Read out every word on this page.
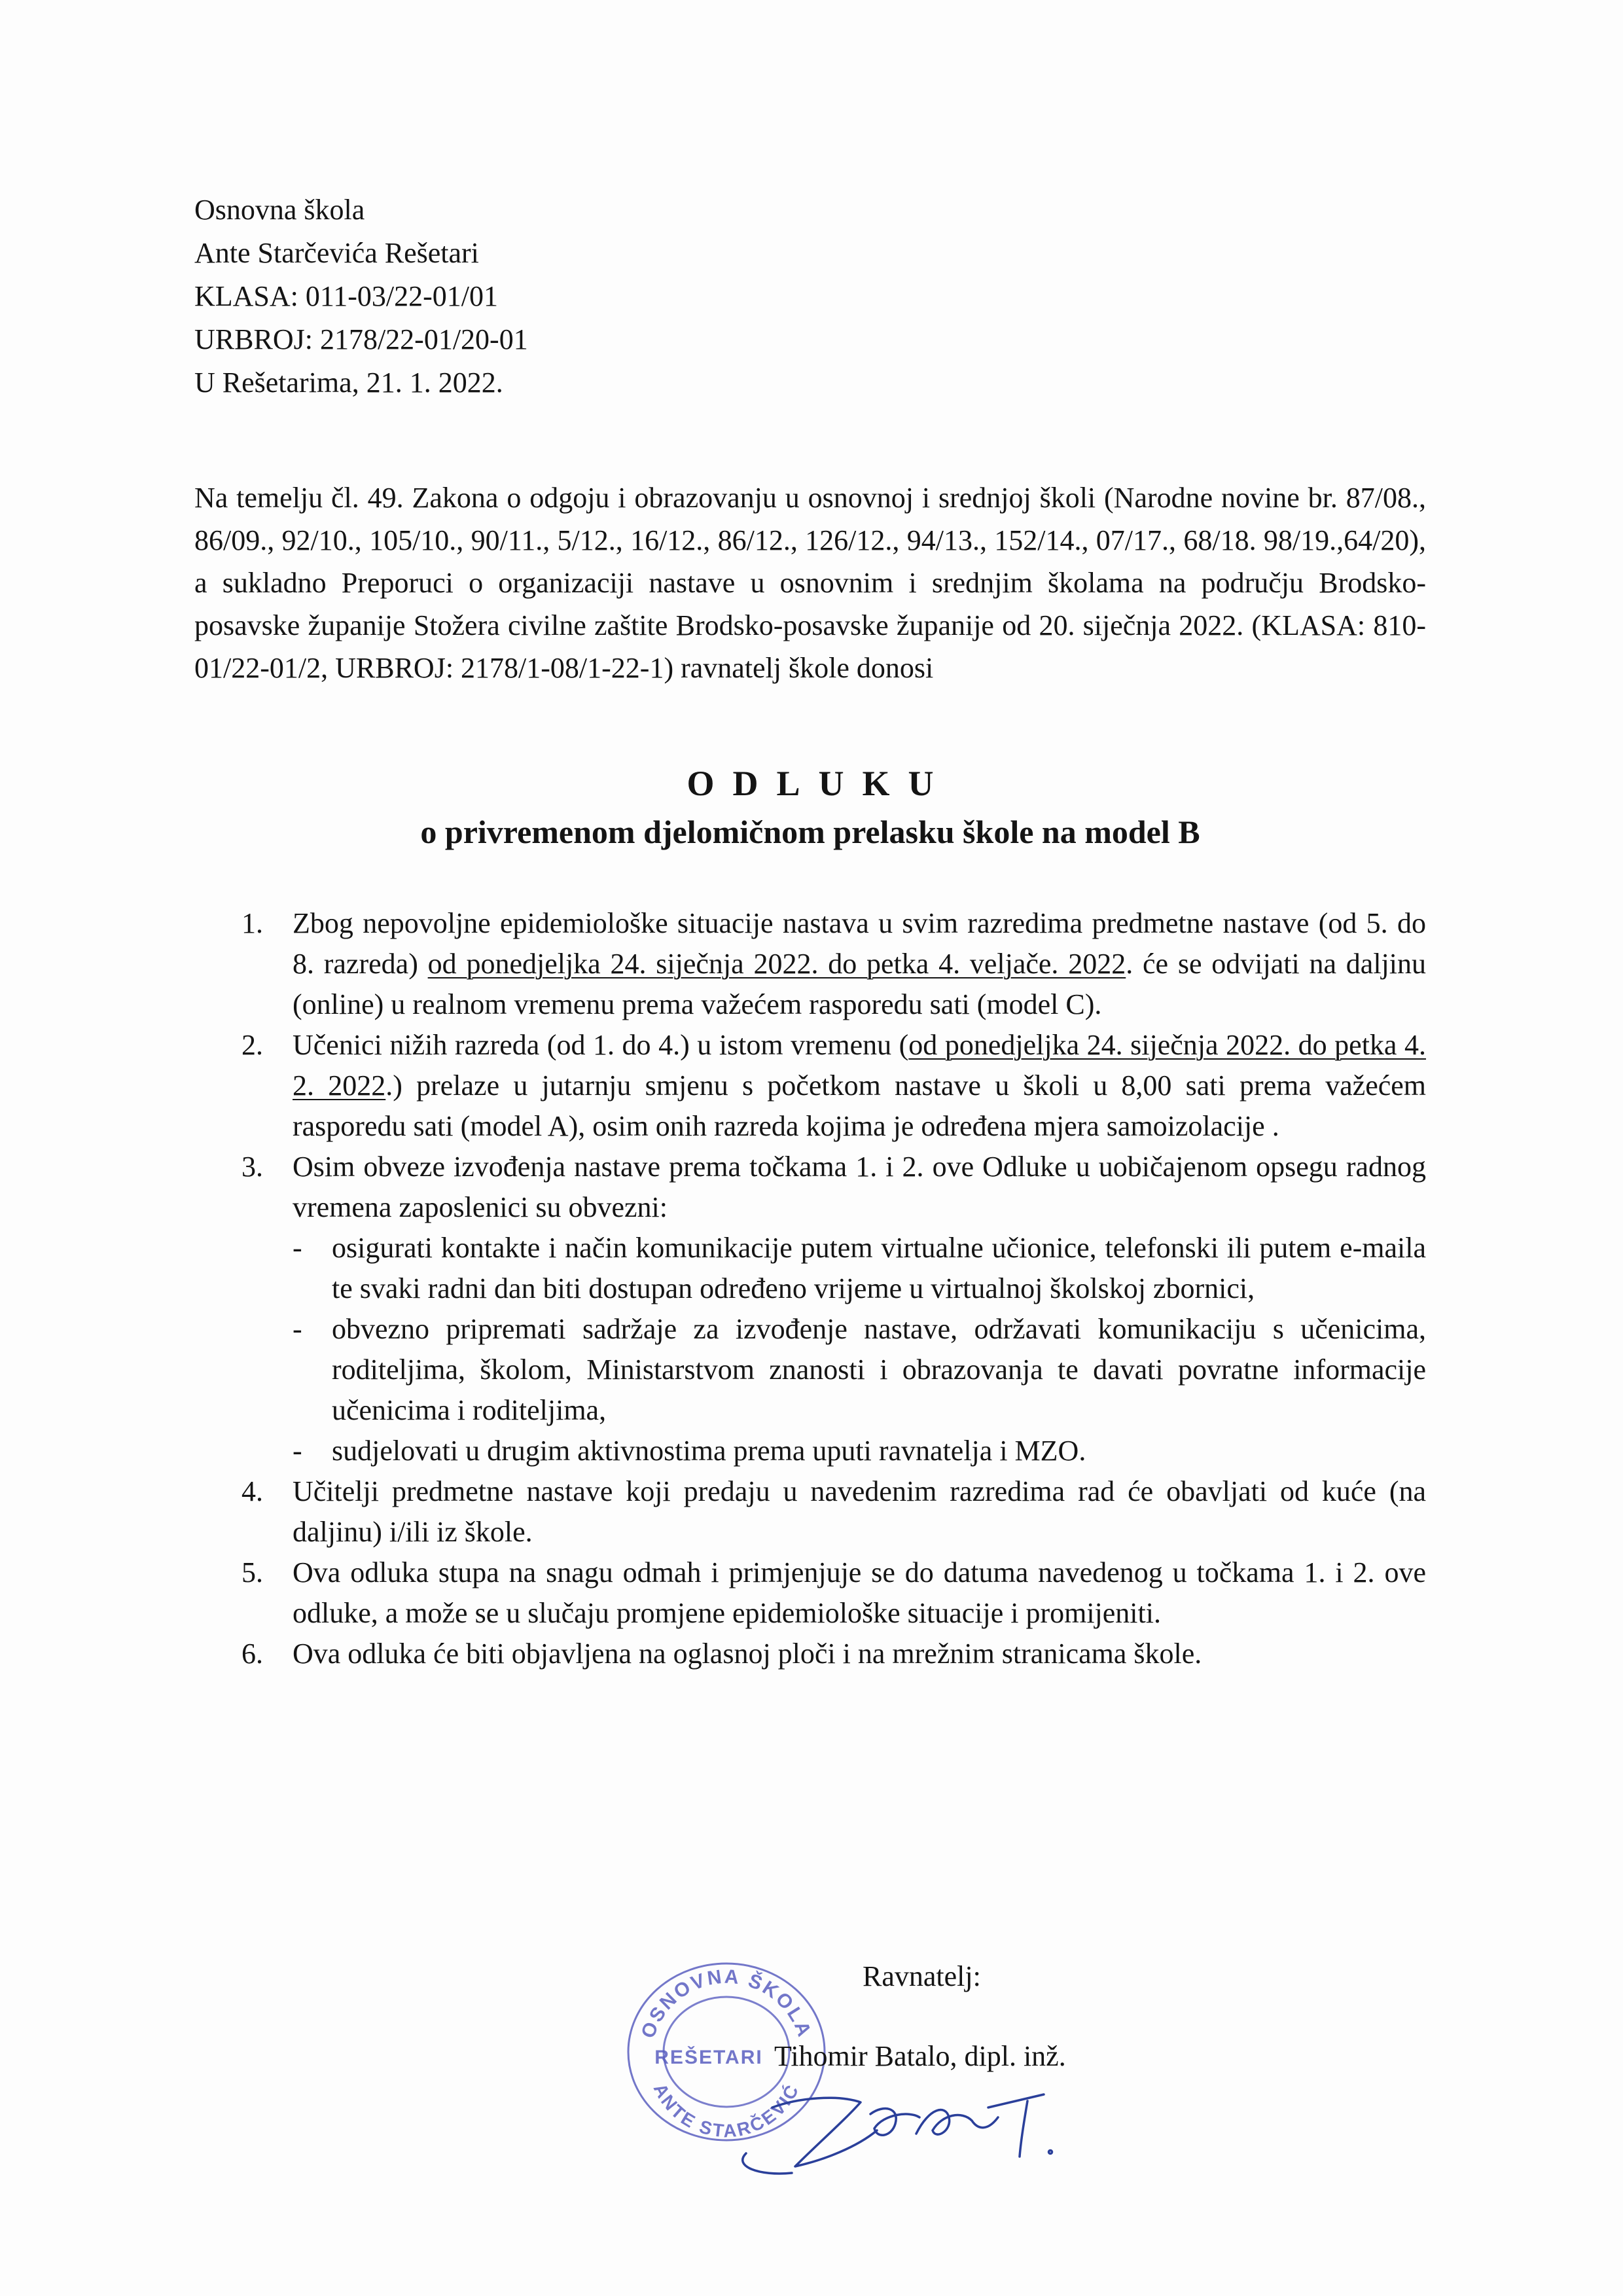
Osnovna škola
Ante Starčevića Rešetari
KLASA: 011-03/22-01/01
URBROJ: 2178/22-01/20-01
U Rešetarima, 21. 1. 2022.

Na temelju čl. 49. Zakona o odgoju i obrazovanju u osnovnoj i srednjoj školi (Narodne novine br. 87/08., 86/09., 92/10., 105/10., 90/11., 5/12., 16/12., 86/12., 126/12., 94/13., 152/14., 07/17., 68/18. 98/19.,64/20), a sukladno Preporuci o organizaciji nastave u osnovnim i srednjim školama na području Brodsko-posavske županije Stožera civilne zaštite Brodsko-posavske županije od 20. siječnja 2022. (KLASA: 810-01/22-01/2, URBROJ: 2178/1-08/1-22-1) ravnatelj škole donosi

ODLUKU
o privremenom djelomičnom prelasku škole na model B

1. Zbog nepovoljne epidemiološke situacije nastava u svim razredima predmetne nastave (od 5. do 8. razreda) od ponedjeljka 24. siječnja 2022. do petka 4. veljače. 2022. će se odvijati na daljinu (online) u realnom vremenu prema važećem rasporedu sati (model C).

2. Učenici nižih razreda (od 1. do 4.) u istom vremenu (od ponedjeljka 24. siječnja 2022. do petka 4. 2. 2022.) prelaze u jutarnju smjenu s početkom nastave u školi u 8,00 sati prema važećem rasporedu sati (model A), osim onih razreda kojima je određena mjera samoizolacije .

3. Osim obveze izvođenja nastave prema točkama 1. i 2. ove Odluke u uobičajenom opsegu radnog vremena zaposlenici su obvezni:
- osigurati kontakte i način komunikacije putem virtualne učionice, telefonski ili putem e-maila te svaki radni dan biti dostupan određeno vrijeme u virtualnoj školskoj zbornici,
- obvezno pripremati sadržaje za izvođenje nastave, održavati komunikaciju s učenicima, roditeljima, školom, Ministarstvom znanosti i obrazovanja te davati povratne informacije učenicima i roditeljima,
- sudjelovati u drugim aktivnostima prema uputi ravnatelja i MZO.

4. Učitelji predmetne nastave koji predaju u navedenim razredima rad će obavljati od kuće (na daljinu) i/ili iz škole.

5. Ova odluka stupa na snagu odmah i primjenjuje se do datuma navedenog u točkama 1. i 2. ove odluke, a može se u slučaju promjene epidemiološke situacije i promijeniti.

6. Ova odluka će biti objavljena na oglasnoj ploči i na mrežnim stranicama škole.

Ravnatelj:
OSNOVNA ŠKOLA
ANTE STARČEVIĆ
REŠETARI Tihomir Batalo, dipl. inž.
